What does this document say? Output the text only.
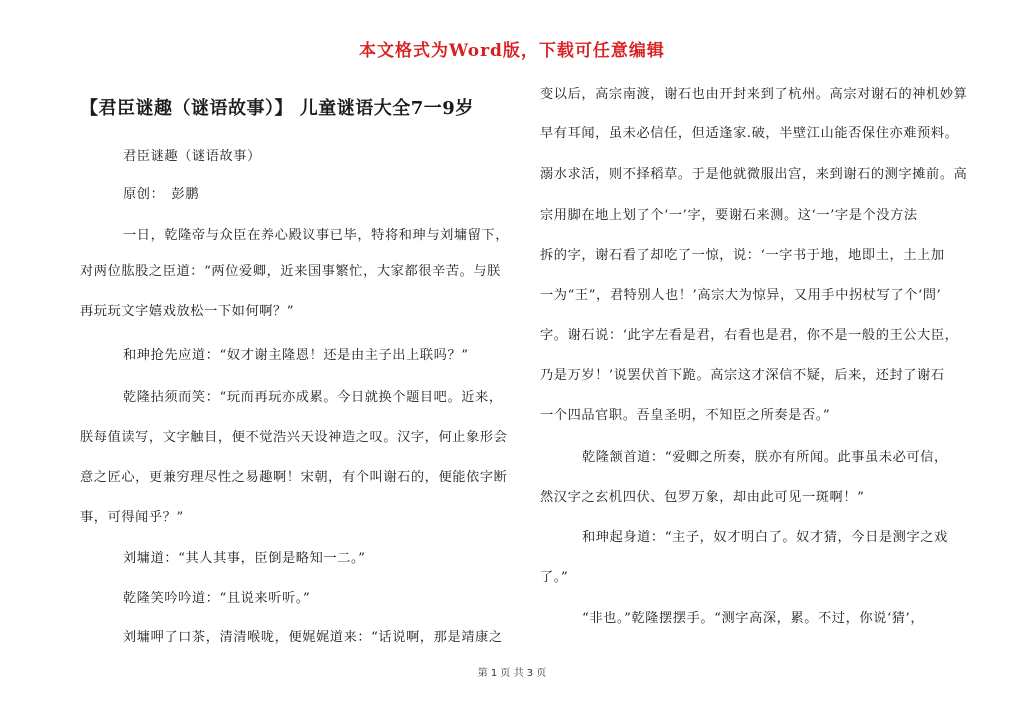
本文格式为Word版，下载可任意编辑
【君臣谜趣（谜语故事）】 儿童谜语大全7一9岁
君臣谜趣（谜语故事）
原创：　彭鹏
一日，乾隆帝与众臣在养心殿议事已毕，特将和珅与刘墉留下，
对两位肱股之臣道：“两位爱卿，近来国事繁忙，大家都很辛苦。与朕
再玩玩文字嬉戏放松一下如何啊？”
和珅抢先应道：“奴才谢主隆恩！还是由主子出上联吗？”
乾隆拈须而笑：“玩而再玩亦成累。今日就换个题目吧。近来，
朕每值读写，文字触目，便不觉浩兴天设神造之叹。汉字，何止象形会
意之匠心，更兼穷理尽性之易趣啊！宋朝，有个叫谢石的，便能依字断
事，可得闻乎？”
刘墉道：“其人其事，臣倒是略知一二。”
乾隆笑吟吟道：“且说来听听。”
刘墉呷了口茶，清清喉咙，便娓娓道来：“话说啊，那是靖康之
变以后，高宗南渡，谢石也由开封来到了杭州。高宗对谢石的神机妙算
早有耳闻，虽未必信任，但适逢家.破，半壁江山能否保住亦难预料。
溺水求活，则不择稻草。于是他就微服出宫，来到谢石的测字摊前。高
宗用脚在地上划了个‘一’字，要谢石来测。这‘一’字是个没方法
拆的字，谢石看了却吃了一惊，说：‘一字书于地，地即土，土上加
一为“王”，君特别人也！’高宗大为惊异，又用手中拐杖写了个‘問’
字。谢石说：‘此字左看是君，右看也是君，你不是一般的王公大臣，
乃是万岁！’说罢伏首下跪。高宗这才深信不疑，后来，还封了谢石
一个四品官职。吾皇圣明，不知臣之所奏是否。”
乾隆颔首道：“爱卿之所奏，朕亦有所闻。此事虽未必可信，
然汉字之玄机四伏、包罗万象，却由此可见一斑啊！”
和珅起身道：“主子，奴才明白了。奴才猜，今日是测字之戏
了。”
“非也。”乾隆摆摆手。“测字高深，累。不过，你说‘猜’，
第 1 页 共 3 页
